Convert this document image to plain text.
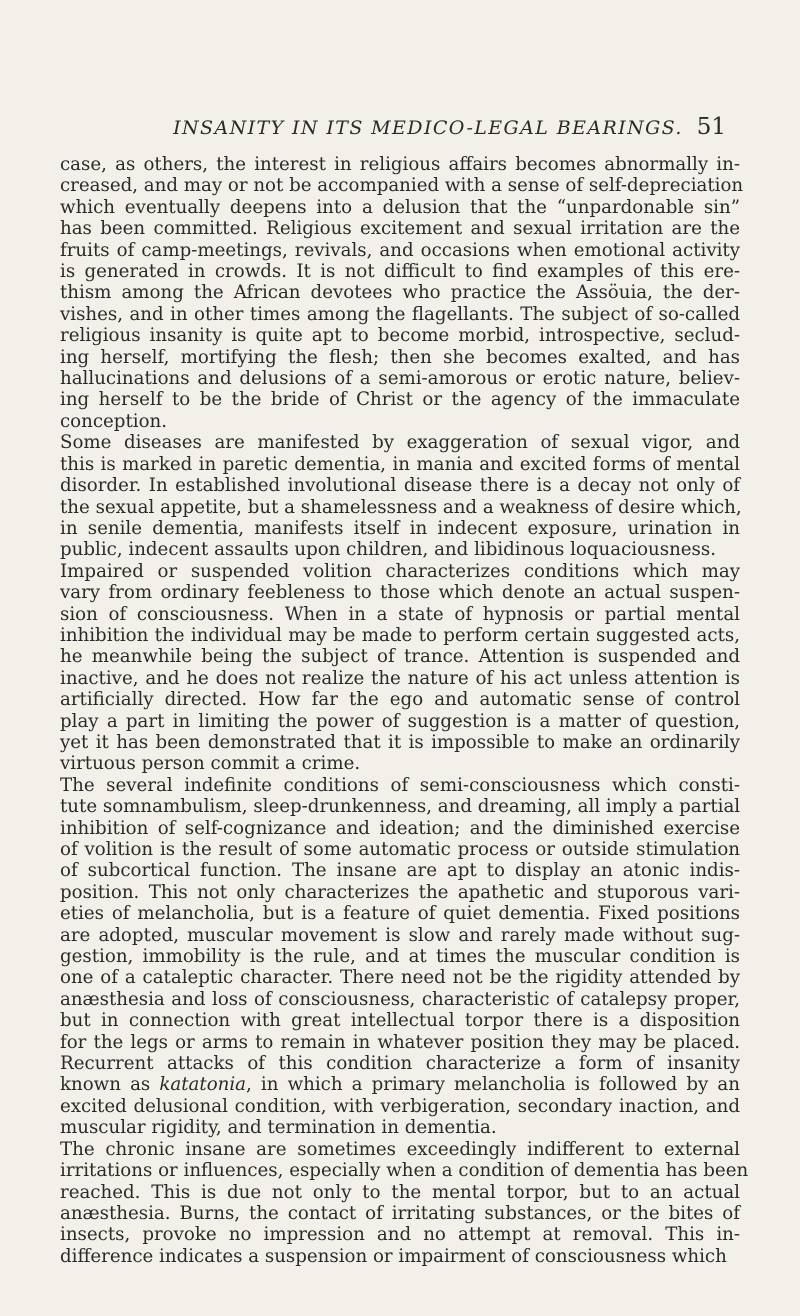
INSANITY IN ITS MEDICO-LEGAL BEARINGS. 51
case, as others, the interest in religious affairs becomes abnormally in-
creased, and may or not be accompanied with a sense of self-depreciation
which eventually deepens into a delusion that the “unpardonable sin”
has been committed. Religious excitement and sexual irritation are the
fruits of camp-meetings, revivals, and occasions when emotional activity
is generated in crowds. It is not difficult to find examples of this ere-
thism among the African devotees who practice the Assöuia, the der-
vishes, and in other times among the flagellants. The subject of so-called
religious insanity is quite apt to become morbid, introspective, seclud-
ing herself, mortifying the flesh; then she becomes exalted, and has
hallucinations and delusions of a semi-amorous or erotic nature, believ-
ing herself to be the bride of Christ or the agency of the immaculate
conception.
Some diseases are manifested by exaggeration of sexual vigor, and
this is marked in paretic dementia, in mania and excited forms of mental
disorder. In established involutional disease there is a decay not only of
the sexual appetite, but a shamelessness and a weakness of desire which,
in senile dementia, manifests itself in indecent exposure, urination in
public, indecent assaults upon children, and libidinous loquaciousness.
Impaired or suspended volition characterizes conditions which may
vary from ordinary feebleness to those which denote an actual suspen-
sion of consciousness. When in a state of hypnosis or partial mental
inhibition the individual may be made to perform certain suggested acts,
he meanwhile being the subject of trance. Attention is suspended and
inactive, and he does not realize the nature of his act unless attention is
artificially directed. How far the ego and automatic sense of control
play a part in limiting the power of suggestion is a matter of question,
yet it has been demonstrated that it is impossible to make an ordinarily
virtuous person commit a crime.
The several indefinite conditions of semi-consciousness which consti-
tute somnambulism, sleep-drunkenness, and dreaming, all imply a partial
inhibition of self-cognizance and ideation; and the diminished exercise
of volition is the result of some automatic process or outside stimulation
of subcortical function. The insane are apt to display an atonic indis-
position. This not only characterizes the apathetic and stuporous vari-
eties of melancholia, but is a feature of quiet dementia. Fixed positions
are adopted, muscular movement is slow and rarely made without sug-
gestion, immobility is the rule, and at times the muscular condition is
one of a cataleptic character. There need not be the rigidity attended by
anæsthesia and loss of consciousness, characteristic of catalepsy proper,
but in connection with great intellectual torpor there is a disposition
for the legs or arms to remain in whatever position they may be placed.
Recurrent attacks of this condition characterize a form of insanity
known as katatonia, in which a primary melancholia is followed by an
excited delusional condition, with verbigeration, secondary inaction, and
muscular rigidity, and termination in dementia.
The chronic insane are sometimes exceedingly indifferent to external
irritations or influences, especially when a condition of dementia has been
reached. This is due not only to the mental torpor, but to an actual
anæsthesia. Burns, the contact of irritating substances, or the bites of
insects, provoke no impression and no attempt at removal. This in-
difference indicates a suspension or impairment of consciousness which
